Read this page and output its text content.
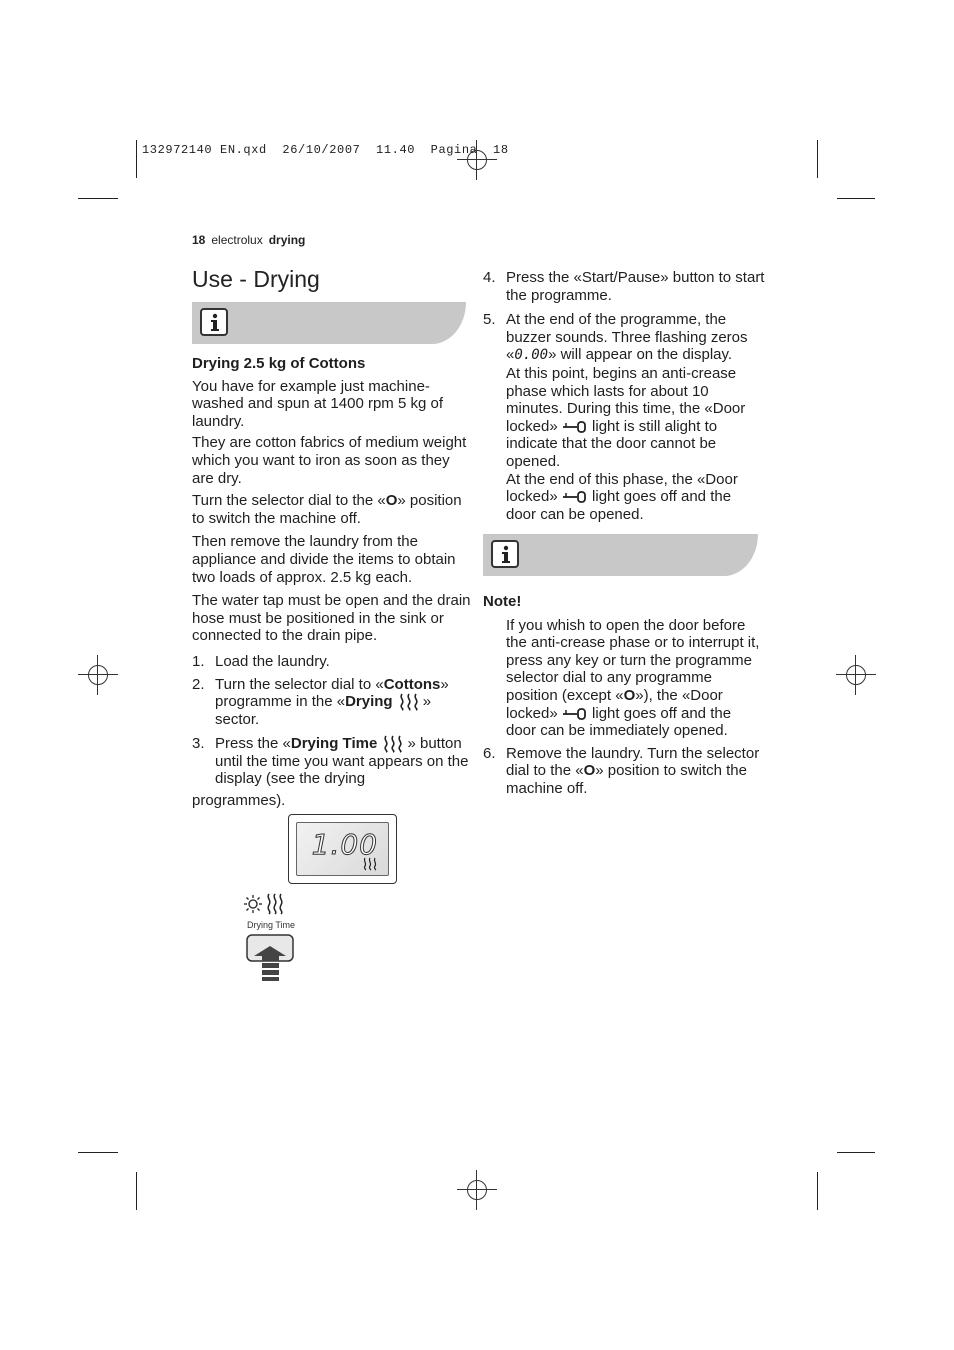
132972140 EN.qxd  26/10/2007  11.40  Pagina  18
18 electrolux drying
Use - Drying

Drying 2.5 kg of Cottons

You have for example just machine-washed and spun at 1400 rpm 5 kg of laundry.

They are cotton fabrics of medium weight which you want to iron as soon as they are dry.

Turn the selector dial to the «O» position to switch the machine off.

Then remove the laundry from the appliance and divide the items to obtain two loads of approx. 2.5 kg each.

The water tap must be open and the drain hose must be positioned in the sink or connected to the drain pipe.

1. Load the laundry.
2. Turn the selector dial to «Cottons» programme in the «Drying » sector.
3. Press the «Drying Time » button until the time you want appears on the display (see the drying

programmes).

1.00
Drying Time
4. Press the «Start/Pause» button to start the programme.
5. At the end of the programme, the buzzer sounds. Three flashing zeros «0.00» will appear on the display.
At this point, begins an anti-crease phase which lasts for about 10 minutes. During this time, the «Door locked» light is still alight to indicate that the door cannot be opened.
At the end of this phase, the «Door locked» light goes off and the door can be opened.

Note!

If you whish to open the door before the anti-crease phase or to interrupt it, press any key or turn the programme selector dial to any programme position (except «O»), the «Door locked» light goes off and the door can be immediately opened.

6. Remove the laundry. Turn the selector dial to the «O» position to switch the machine off.
